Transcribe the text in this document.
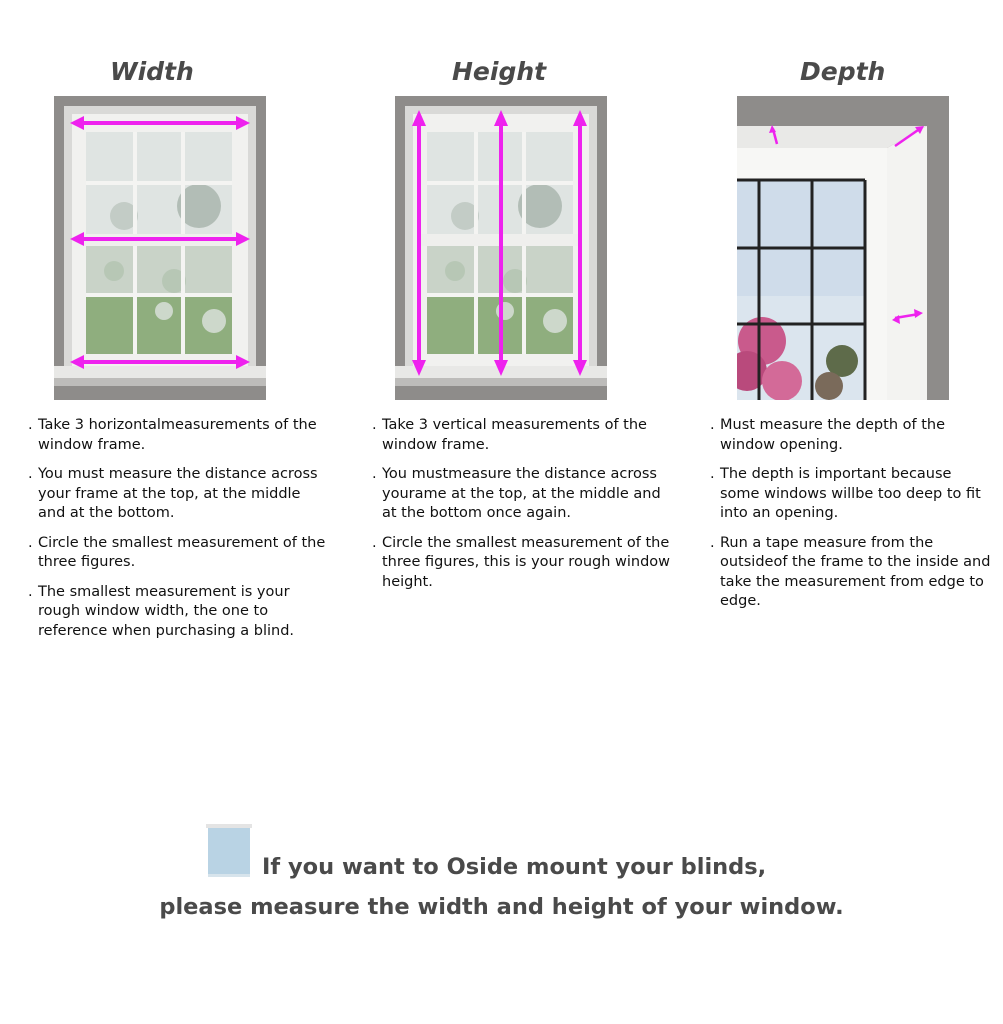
Width
. Take 3 horizontalmeasurements of the window frame.
. You must measure the distance across your frame at the top, at the middle and at the bottom.
. Circle the smallest measurement of the three figures.
. The smallest measurement is your rough window width, the one to reference when purchasing a blind.
Height
. Take 3 vertical measurements of the window frame.
. You mustmeasure the distance across yourame at the top, at the middle and at the bottom once again.
. Circle the smallest measurement of the three figures, this is your rough window height.
Depth
. Must measure the depth of the window opening.
. The depth is important because some windows willbe too deep to fit into an opening.
. Run a tape measure from the outsideof the frame to the inside and take the measurement from edge to edge.
If you want to Oside mount your blinds,
please measure the width and height of your window.
